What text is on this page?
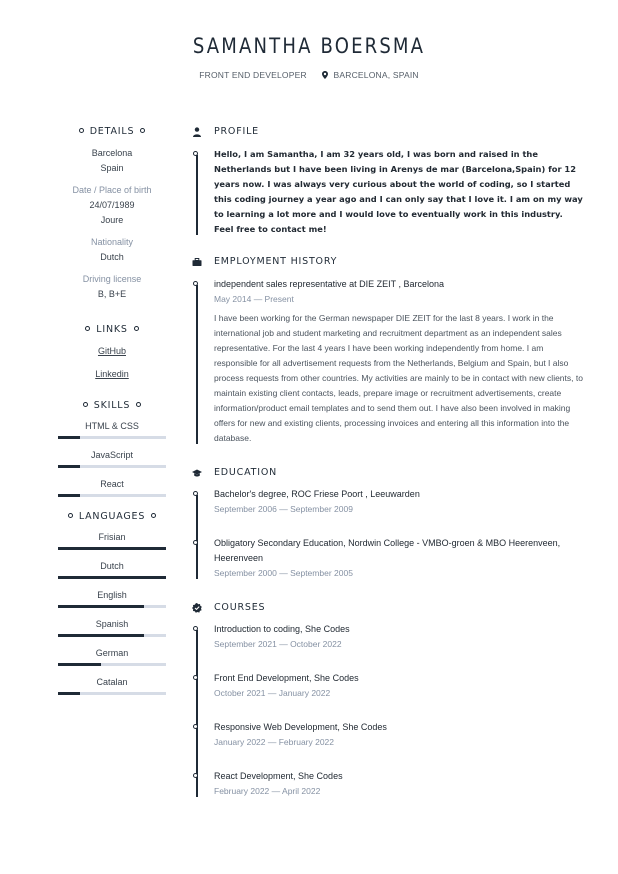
SAMANTHA BOERSMA
FRONT END DEVELOPER	BARCELONA, SPAIN
DETAILS
Barcelona
Spain
Date / Place of birth
24/07/1989
Joure
Nationality
Dutch
Driving license
B, B+E
LINKS
GitHub
Linkedin
SKILLS
HTML & CSS
JavaScript
React
LANGUAGES
Frisian
Dutch
English
Spanish
German
Catalan
PROFILE
Hello, I am Samantha, I am 32 years old, I was born and raised in the Netherlands but I have been living in Arenys de mar (Barcelona,Spain) for 12 years now. I was always very curious about the world of coding, so I started this coding journey a year ago and I can only say that I love it. I am on my way to learning a lot more and I would love to eventually work in this industry. Feel free to contact me!
EMPLOYMENT HISTORY
independent sales representative at DIE ZEIT , Barcelona
May 2014 — Present
I have been working for the German newspaper DIE ZEIT for the last 8 years. I work in the international job and student marketing and recruitment department as an independent sales representative. For the last 4 years I have been working independently from home. I am responsible for all advertisement requests from the Netherlands, Belgium and Spain, but I also process requests from other countries. My activities are mainly to be in contact with new clients, to maintain existing client contacts, leads, prepare image or recruitment advertisements, create information/product email templates and to send them out. I have also been involved in making offers for new and existing clients, processing invoices and entering all this information into the database.
EDUCATION
Bachelor's degree, ROC Friese Poort , Leeuwarden
September 2006 — September 2009
Obligatory Secondary Education, Nordwin College - VMBO-groen & MBO Heerenveen, Heerenveen
September 2000 — September 2005
COURSES
Introduction to coding, She Codes
September 2021 — October 2022
Front End Development, She Codes
October 2021 — January 2022
Responsive Web Development, She Codes
January 2022 — February 2022
React Development, She Codes
February 2022 — April 2022
